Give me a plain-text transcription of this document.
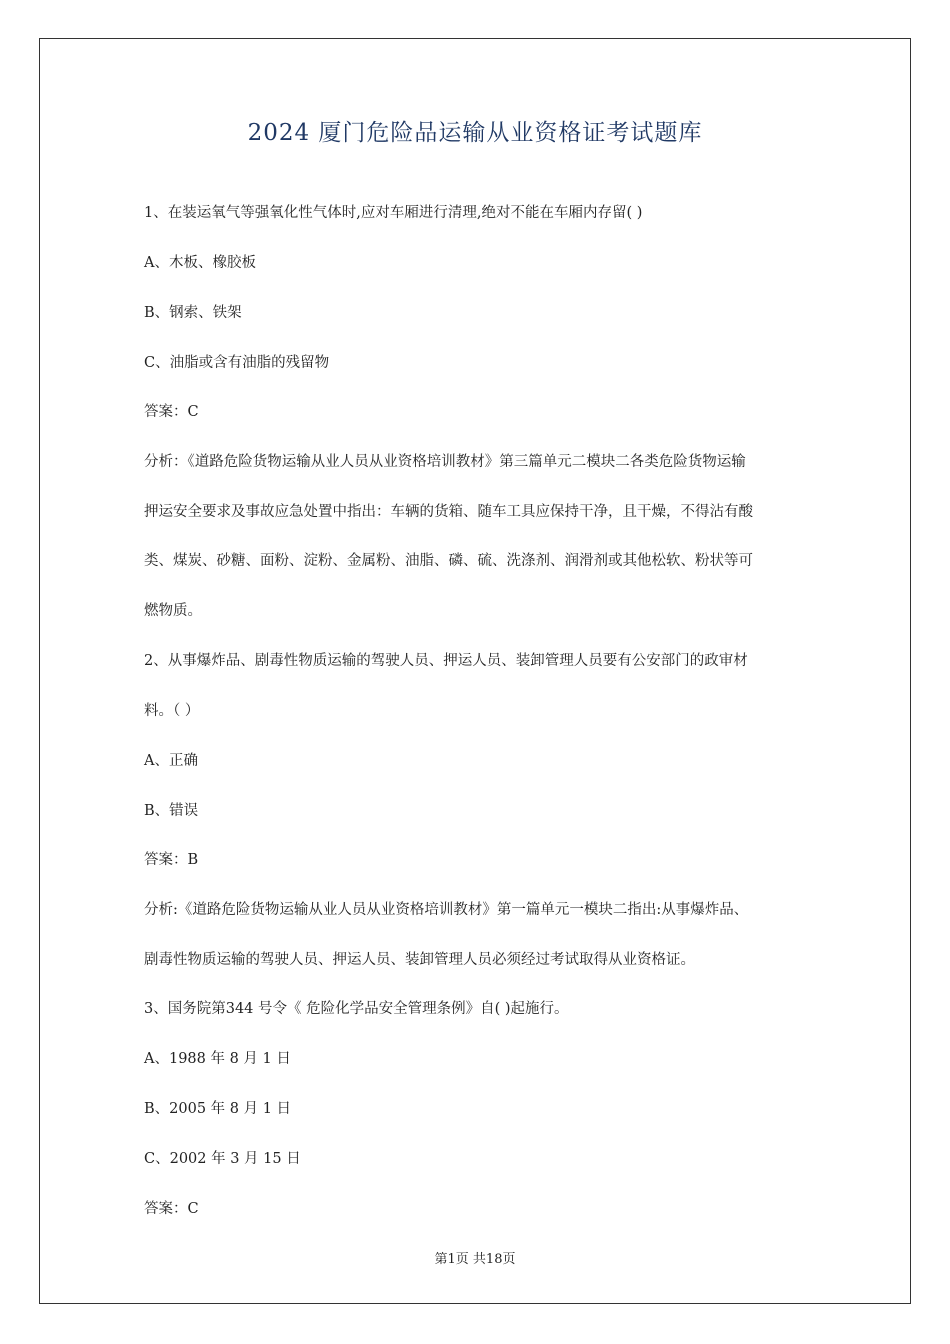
2024 厦门危险品运输从业资格证考试题库
1、在装运氧气等强氧化性气体时,应对车厢进行清理,绝对不能在车厢内存留( )
A、木板、橡胶板
B、钢索、铁架
C、油脂或含有油脂的残留物
答案：C
分析：《道路危险货物运输从业人员从业资格培训教材》第三篇单元二模块二各类危险货物运输
押运安全要求及事故应急处置中指出：车辆的货箱、随车工具应保持干净，且干燥，不得沾有酸
类、煤炭、砂糖、面粉、淀粉、金属粉、油脂、磷、硫、洗涤剂、润滑剂或其他松软、粉状等可
燃物质。
2、从事爆炸品、剧毒性物质运输的驾驶人员、押运人员、装卸管理人员要有公安部门的政审材
料。（ ）
A、正确
B、错误
答案：B
分析:《道路危险货物运输从业人员从业资格培训教材》第一篇单元一模块二指出:从事爆炸品、
剧毒性物质运输的驾驶人员、押运人员、装卸管理人员必须经过考试取得从业资格证。
3、国务院第344 号令《 危险化学品安全管理条例》自( )起施行。
A、1988 年 8 月 1 日
B、2005 年 8 月 1 日
C、2002 年 3 月 15 日
答案：C
第1页 共18页
